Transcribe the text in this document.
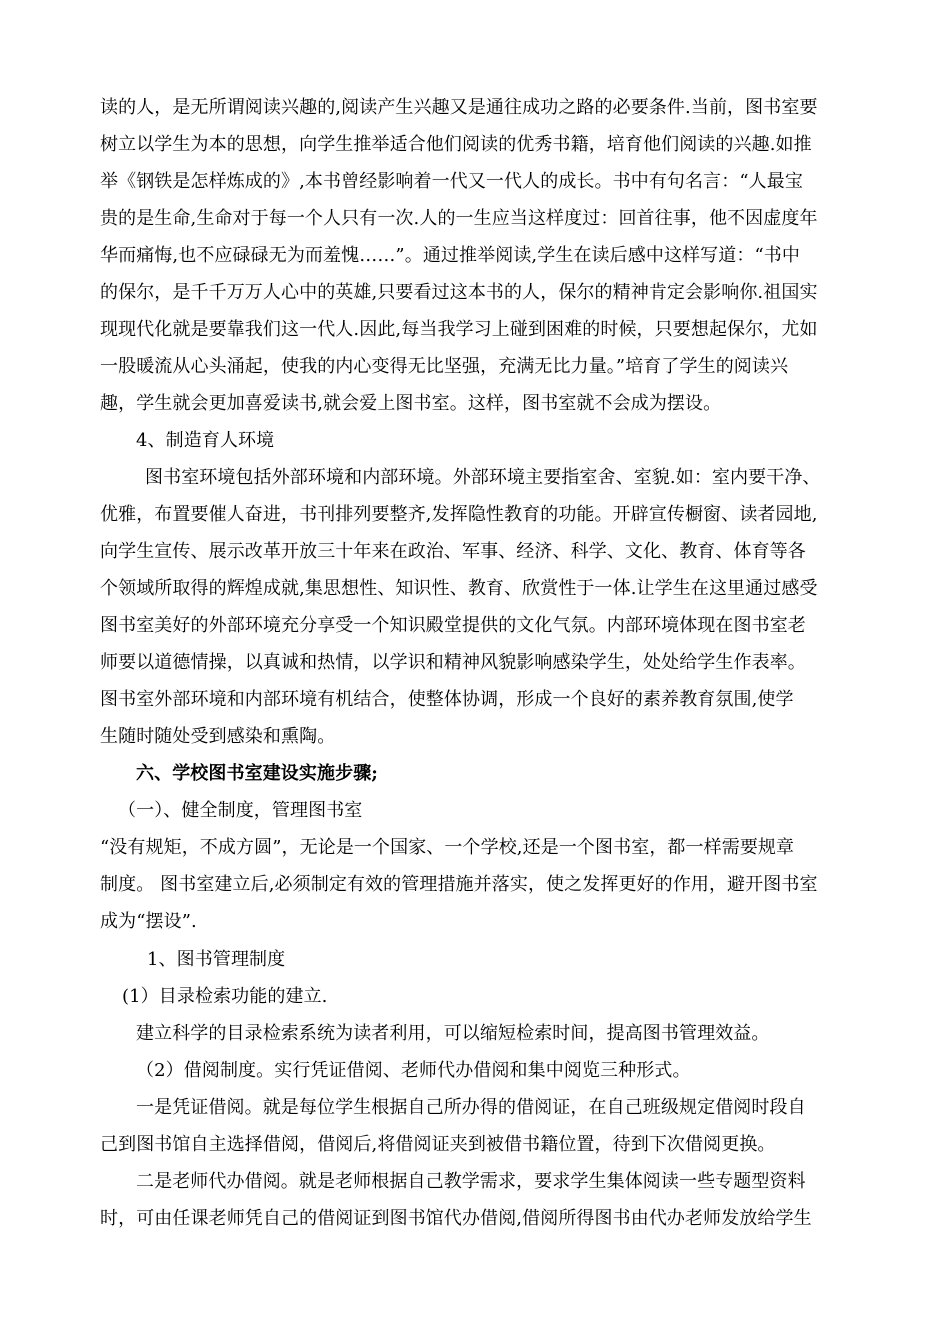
读的人，是无所谓阅读兴趣的,阅读产生兴趣又是通往成功之路的必要条件.当前，图书室要
树立以学生为本的思想，向学生推举适合他们阅读的优秀书籍，培育他们阅读的兴趣.如推
举《钢铁是怎样炼成的》,本书曾经影响着一代又一代人的成长。书中有句名言：“人最宝
贵的是生命,生命对于每一个人只有一次.人的一生应当这样度过：回首往事，他不因虚度年
华而痛悔,也不应碌碌无为而羞愧……”。通过推举阅读,学生在读后感中这样写道：“书中
的保尔，是千千万万人心中的英雄,只要看过这本书的人，保尔的精神肯定会影响你.祖国实
现现代化就是要靠我们这一代人.因此,每当我学习上碰到困难的时候，只要想起保尔，尤如
一股暖流从心头涌起，使我的内心变得无比坚强，充满无比力量。”培育了学生的阅读兴
趣，学生就会更加喜爱读书,就会爱上图书室。这样，图书室就不会成为摆设。
4、制造育人环境
图书室环境包括外部环境和内部环境。外部环境主要指室舍、室貌.如：室内要干净、
优雅，布置要催人奋进，书刊排列要整齐,发挥隐性教育的功能。开辟宣传橱窗、读者园地,
向学生宣传、展示改革开放三十年来在政治、军事、经济、科学、文化、教育、体育等各
个领域所取得的辉煌成就,集思想性、知识性、教育、欣赏性于一体.让学生在这里通过感受
图书室美好的外部环境充分享受一个知识殿堂提供的文化气氛。内部环境体现在图书室老
师要以道德情操，以真诚和热情，以学识和精神风貌影响感染学生，处处给学生作表率。
图书室外部环境和内部环境有机结合，使整体协调，形成一个良好的素养教育氛围,使学
生随时随处受到感染和熏陶。
六、学校图书室建设实施步骤;
（一）、健全制度，管理图书室
“没有规矩，不成方圆”，无论是一个国家、一个学校,还是一个图书室，都一样需要规章
制度。 图书室建立后,必须制定有效的管理措施并落实，使之发挥更好的作用，避开图书室
成为“摆设”.
1、图书管理制度
(1）目录检索功能的建立.
建立科学的目录检索系统为读者利用，可以缩短检索时间，提高图书管理效益。
（2）借阅制度。实行凭证借阅、老师代办借阅和集中阅览三种形式。
一是凭证借阅。就是每位学生根据自己所办得的借阅证，在自己班级规定借阅时段自
己到图书馆自主选择借阅，借阅后,将借阅证夹到被借书籍位置，待到下次借阅更换。
二是老师代办借阅。就是老师根据自己教学需求，要求学生集体阅读一些专题型资料
时，可由任课老师凭自己的借阅证到图书馆代办借阅,借阅所得图书由代办老师发放给学生
